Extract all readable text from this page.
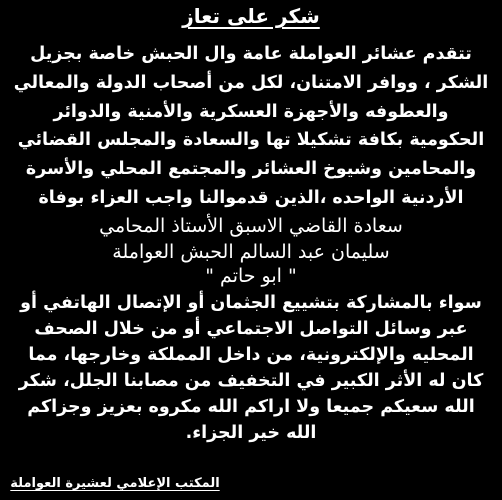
شكر على تعاز
تتقدم عشائر العواملة عامة وال الحبش خاصة بجزيل
الشكر ، ووافر الامتنان، لكل من أصحاب الدولة والمعالي
والعطوفه والأجهزة العسكرية والأمنية والدوائر
الحكومية بكافة تشكيلا تها والسعادة والمجلس القضائي
والمحامين وشيوخ العشائر والمجتمع المحلي والأسرة
الأردنية الواحده ،الذين قدموالنا واجب العزاء بوفاة
سعادة القاضي الاسبق الأستاذ المحامي
سليمان عبد السالم الحبش العواملة
" ابو حاتم "
سواء بالمشاركة بتشييع الجثمان أو الإتصال الهاتفي أو
عبر وسائل التواصل الاجتماعي أو من خلال الصحف
المحليه والإلكترونية، من داخل المملكة وخارجها، مما
كان له الأثر الكبير في التخفيف من مصابنا الجلل، شكر
الله سعيكم جميعا ولا اراكم الله مكروه بعزيز وجزاكم
الله خير الجزاء.
المكتب الإعلامي لعشيرة العواملة
